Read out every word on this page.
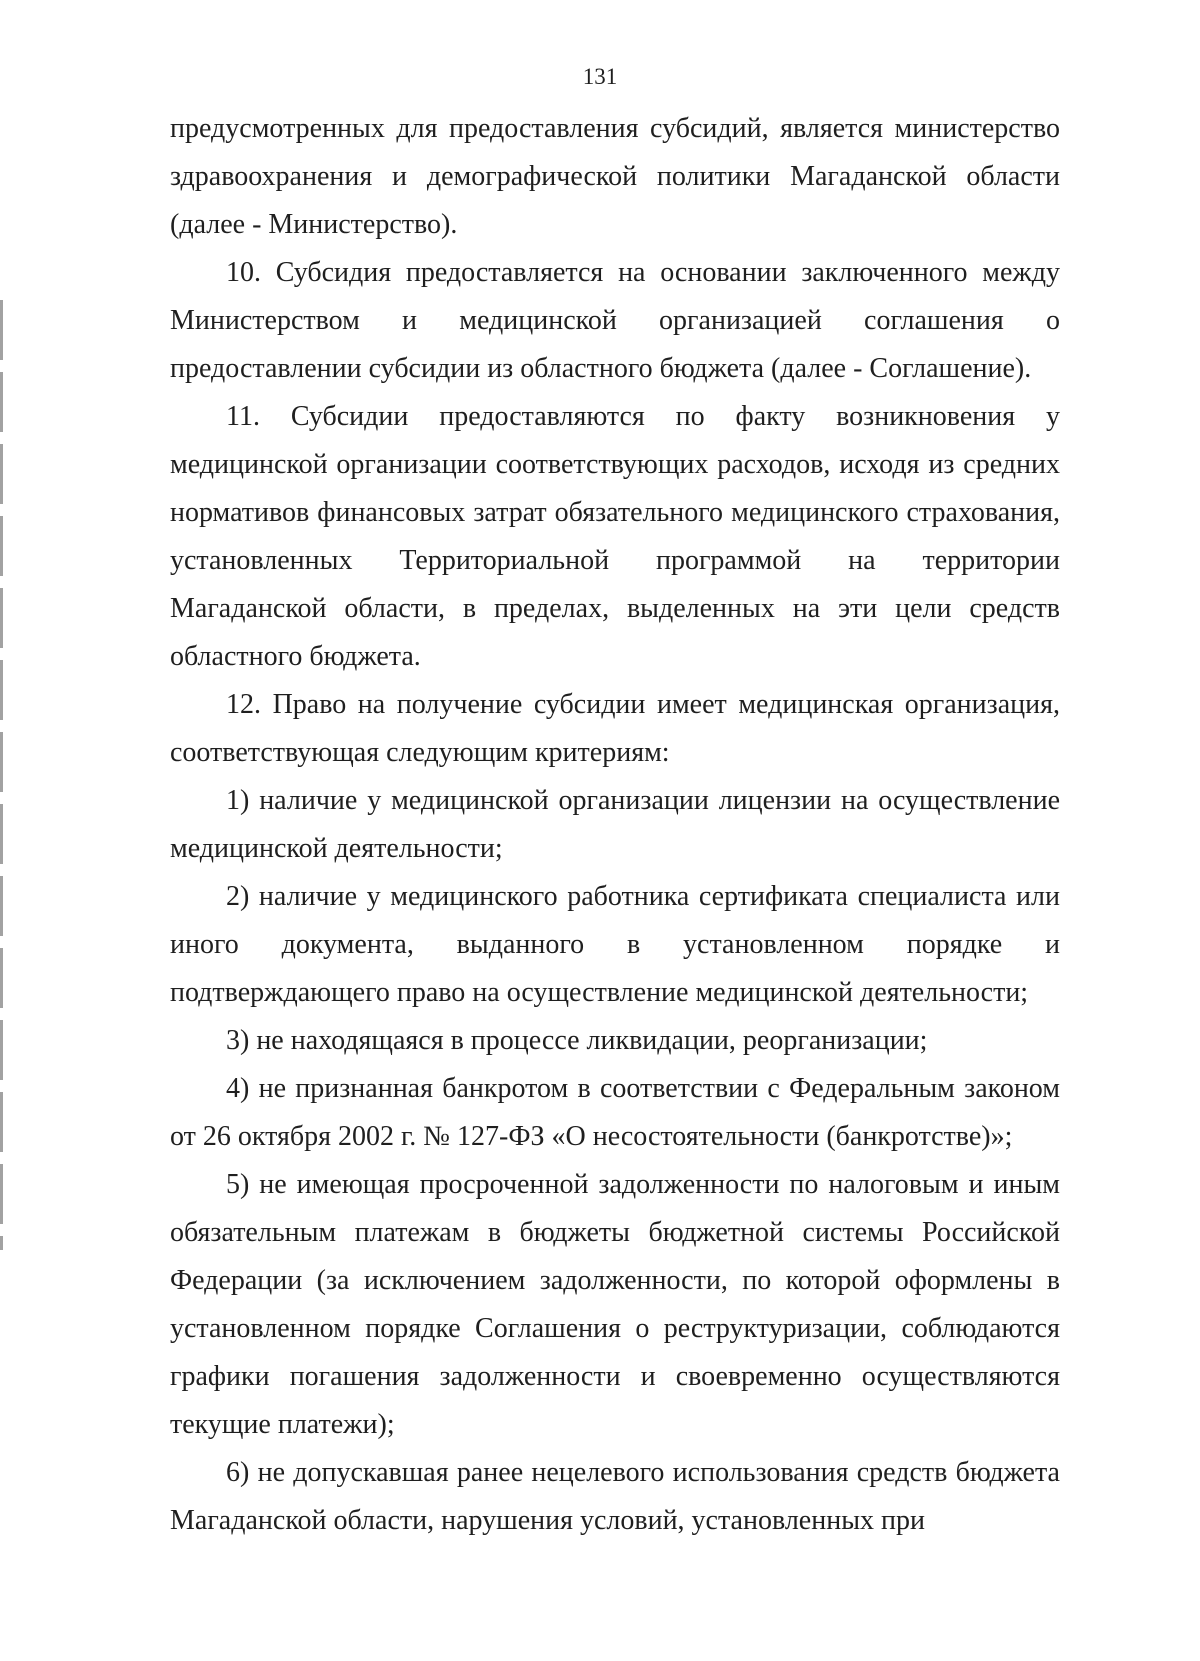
131

предусмотренных для предоставления субсидий, является министерство здравоохранения и демографической политики Магаданской области (далее - Министерство).

10. Субсидия предоставляется на основании заключенного между Министерством и медицинской организацией соглашения о предоставлении субсидии из областного бюджета (далее - Соглашение).

11. Субсидии предоставляются по факту возникновения у медицинской организации соответствующих расходов, исходя из средних нормативов финансовых затрат обязательного медицинского страхования, установленных Территориальной программой на территории Магаданской области, в пределах, выделенных на эти цели средств областного бюджета.

12. Право на получение субсидии имеет медицинская организация, соответствующая следующим критериям:

1) наличие у медицинской организации лицензии на осуществление медицинской деятельности;

2) наличие у медицинского работника сертификата специалиста или иного документа, выданного в установленном порядке и подтверждающего право на осуществление медицинской деятельности;

3) не находящаяся в процессе ликвидации, реорганизации;

4) не признанная банкротом в соответствии с Федеральным законом от 26 октября 2002 г. № 127-ФЗ «О несостоятельности (банкротстве)»;

5) не имеющая просроченной задолженности по налоговым и иным обязательным платежам в бюджеты бюджетной системы Российской Федерации (за исключением задолженности, по которой оформлены в установленном порядке Соглашения о реструктуризации, соблюдаются графики погашения задолженности и своевременно осуществляются текущие платежи);

6) не допускавшая ранее нецелевого использования средств бюджета Магаданской области, нарушения условий, установленных при
